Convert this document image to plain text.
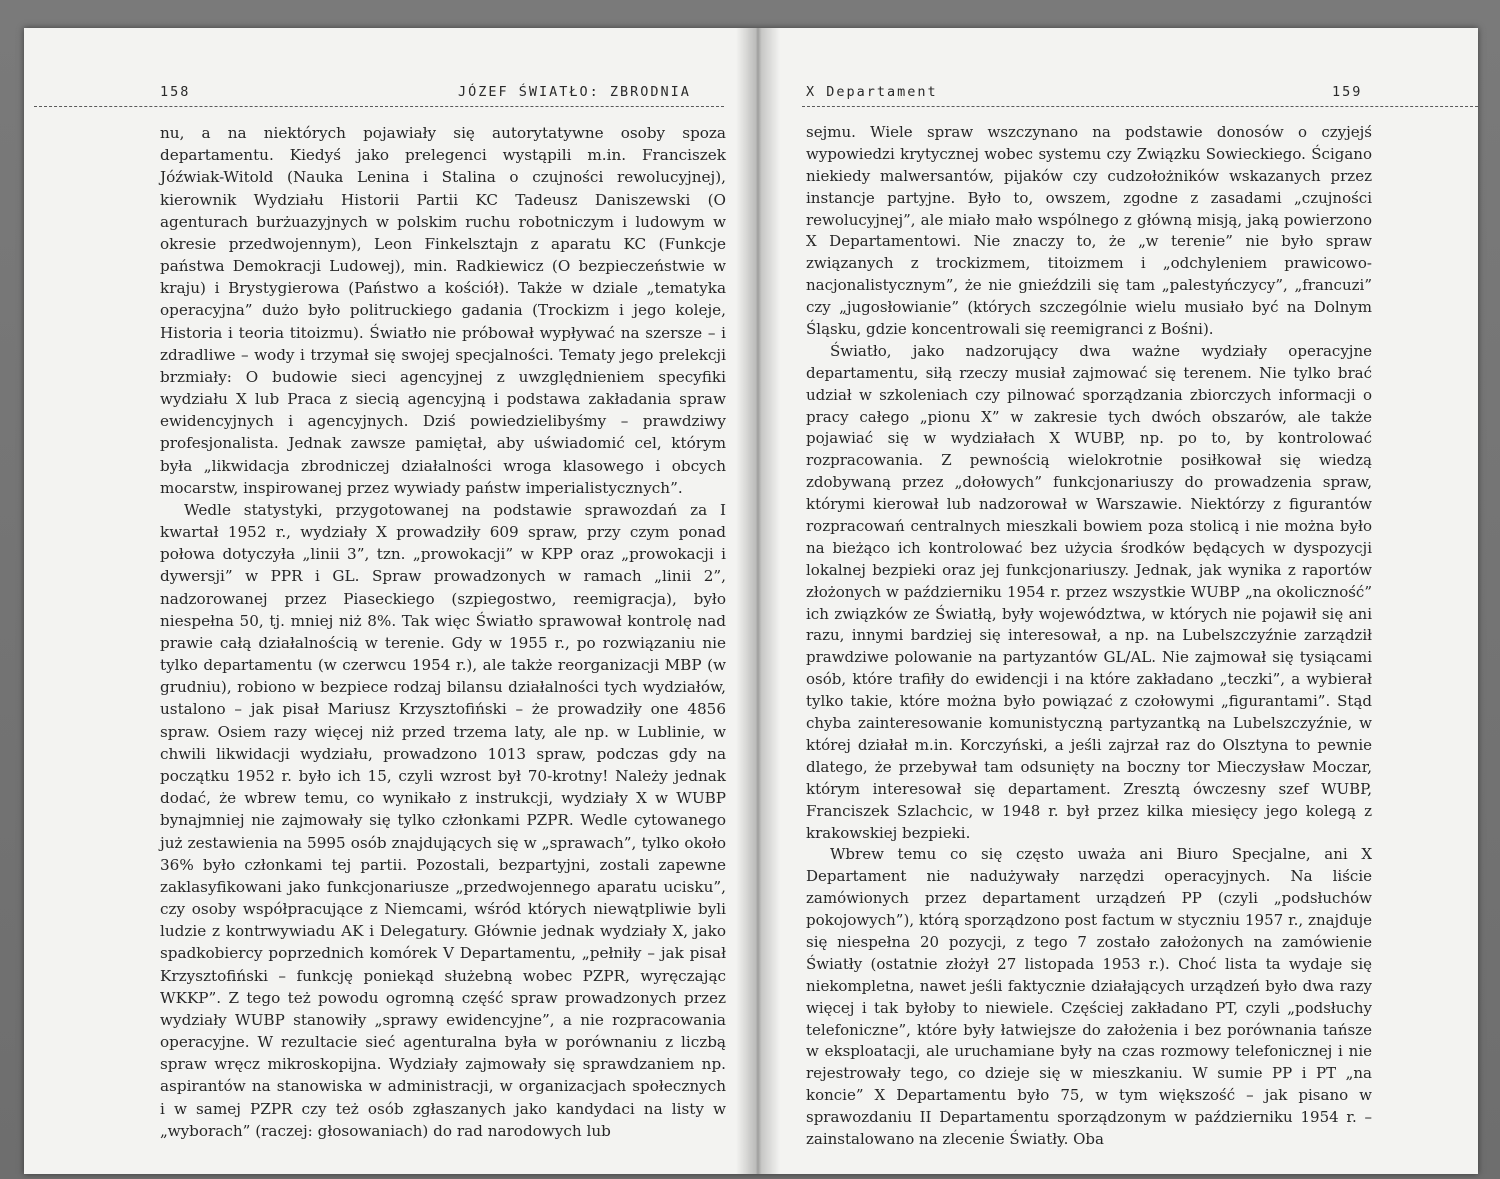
158	JÓZEF ŚWIATŁO: ZBRODNIA

nu, a na niektórych pojawiały się autorytatywne osoby spoza departamentu. Kiedyś jako prelegenci wystąpili m.in. Franciszek Jóźwiak-Witold (Nauka Lenina i Stalina o czujności rewolucyjnej), kierownik Wydziału Historii Partii KC Tadeusz Daniszewski (O agenturach burżuazyjnych w polskim ruchu robotniczym i ludowym w okresie przedwojennym), Leon Finkelsztajn z aparatu KC (Funkcje państwa Demokracji Ludowej), min. Radkiewicz (O bezpieczeństwie w kraju) i Brystygierowa (Państwo a kościół). Także w dziale „tematyka operacyjna” dużo było politruckiego gadania (Trockizm i jego koleje, Historia i teoria titoizmu). Światło nie próbował wypływać na szersze – i zdradliwe – wody i trzymał się swojej specjalności. Tematy jego prelekcji brzmiały: O budowie sieci agencyjnej z uwzględnieniem specyfiki wydziału X lub Praca z siecią agencyjną i podstawa zakładania spraw ewidencyjnych i agencyjnych. Dziś powiedzielibyśmy – prawdziwy profesjonalista. Jednak zawsze pamiętał, aby uświadomić cel, którym była „likwidacja zbrodniczej działalności wroga klasowego i obcych mocarstw, inspirowanej przez wywiady państw imperialistycznych”.

Wedle statystyki, przygotowanej na podstawie sprawozdań za I kwartał 1952 r., wydziały X prowadziły 609 spraw, przy czym ponad połowa dotyczyła „linii 3”, tzn. „prowokacji” w KPP oraz „prowokacji i dywersji” w PPR i GL. Spraw prowadzonych w ramach „linii 2”, nadzorowanej przez Piaseckiego (szpiegostwo, reemigracja), było niespełna 50, tj. mniej niż 8%. Tak więc Światło sprawował kontrolę nad prawie całą działalnością w terenie. Gdy w 1955 r., po rozwiązaniu nie tylko departamentu (w czerwcu 1954 r.), ale także reorganizacji MBP (w grudniu), robiono w bezpiece rodzaj bilansu działalności tych wydziałów, ustalono – jak pisał Mariusz Krzysztofiński – że prowadziły one 4856 spraw. Osiem razy więcej niż przed trzema laty, ale np. w Lublinie, w chwili likwidacji wydziału, prowadzono 1013 spraw, podczas gdy na początku 1952 r. było ich 15, czyli wzrost był 70-krotny! Należy jednak dodać, że wbrew temu, co wynikało z instrukcji, wydziały X w WUBP bynajmniej nie zajmowały się tylko członkami PZPR. Wedle cytowanego już zestawienia na 5995 osób znajdujących się w „sprawach”, tylko około 36% było członkami tej partii. Pozostali, bezpartyjni, zostali zapewne zaklasyfikowani jako funkcjonariusze „przedwojennego aparatu ucisku”, czy osoby współpracujące z Niemcami, wśród których niewątpliwie byli ludzie z kontrwywiadu AK i Delegatury. Głównie jednak wydziały X, jako spadkobiercy poprzednich komórek V Departamentu, „pełniły – jak pisał Krzysztofiński – funkcję poniekąd służebną wobec PZPR, wyręczając WKKP”. Z tego też powodu ogromną część spraw prowadzonych przez wydziały WUBP stanowiły „sprawy ewidencyjne”, a nie rozpracowania operacyjne. W rezultacie sieć agenturalna była w porównaniu z liczbą spraw wręcz mikroskopijna. Wydziały zajmowały się sprawdzaniem np. aspirantów na stanowiska w administracji, w organizacjach społecznych i w samej PZPR czy też osób zgłaszanych jako kandydaci na listy w „wyborach” (raczej: głosowaniach) do rad narodowych lub

X Departament	159

sejmu. Wiele spraw wszczynano na podstawie donosów o czyjejś wypowiedzi krytycznej wobec systemu czy Związku Sowieckiego. Ścigano niekiedy malwersantów, pijaków czy cudzołożników wskazanych przez instancje partyjne. Było to, owszem, zgodne z zasadami „czujności rewolucyjnej”, ale miało mało wspólnego z główną misją, jaką powierzono X Departamentowi. Nie znaczy to, że „w terenie” nie było spraw związanych z trockizmem, titoizmem i „odchyleniem prawicowo-nacjonalistycznym”, że nie gnieździli się tam „palestyńczycy”, „francuzi” czy „jugosłowianie” (których szczególnie wielu musiało być na Dolnym Śląsku, gdzie koncentrowali się reemigranci z Bośni).

Światło, jako nadzorujący dwa ważne wydziały operacyjne departamentu, siłą rzeczy musiał zajmować się terenem. Nie tylko brać udział w szkoleniach czy pilnować sporządzania zbiorczych informacji o pracy całego „pionu X” w zakresie tych dwóch obszarów, ale także pojawiać się w wydziałach X WUBP, np. po to, by kontrolować rozpracowania. Z pewnością wielokrotnie posiłkował się wiedzą zdobywaną przez „dołowych” funkcjonariuszy do prowadzenia spraw, którymi kierował lub nadzorował w Warszawie. Niektórzy z figurantów rozpracowań centralnych mieszkali bowiem poza stolicą i nie można było na bieżąco ich kontrolować bez użycia środków będących w dyspozycji lokalnej bezpieki oraz jej funkcjonariuszy. Jednak, jak wynika z raportów złożonych w październiku 1954 r. przez wszystkie WUBP „na okoliczność” ich związków ze Światłą, były województwa, w których nie pojawił się ani razu, innymi bardziej się interesował, a np. na Lubelszczyźnie zarządził prawdziwe polowanie na partyzantów GL/AL. Nie zajmował się tysiącami osób, które trafiły do ewidencji i na które zakładano „teczki”, a wybierał tylko takie, które można było powiązać z czołowymi „figurantami”. Stąd chyba zainteresowanie komunistyczną partyzantką na Lubelszczyźnie, w której działał m.in. Korczyński, a jeśli zajrzał raz do Olsztyna to pewnie dlatego, że przebywał tam odsunięty na boczny tor Mieczysław Moczar, którym interesował się departament. Zresztą ówczesny szef WUBP, Franciszek Szlachcic, w 1948 r. był przez kilka miesięcy jego kolegą z krakowskiej bezpieki.

Wbrew temu co się często uważa ani Biuro Specjalne, ani X Departament nie nadużywały narzędzi operacyjnych. Na liście zamówionych przez departament urządzeń PP (czyli „podsłuchów pokojowych”), którą sporządzono post factum w styczniu 1957 r., znajduje się niespełna 20 pozycji, z tego 7 zostało założonych na zamówienie Światły (ostatnie złożył 27 listopada 1953 r.). Choć lista ta wydaje się niekompletna, nawet jeśli faktycznie działających urządzeń było dwa razy więcej i tak byłoby to niewiele. Częściej zakładano PT, czyli „podsłuchy telefoniczne”, które były łatwiejsze do założenia i bez porównania tańsze w eksploatacji, ale uruchamiane były na czas rozmowy telefonicznej i nie rejestrowały tego, co dzieje się w mieszkaniu. W sumie PP i PT „na koncie” X Departamentu było 75, w tym większość – jak pisano w sprawozdaniu II Departamentu sporządzonym w październiku 1954 r. – zainstalowano na zlecenie Światły. Oba
